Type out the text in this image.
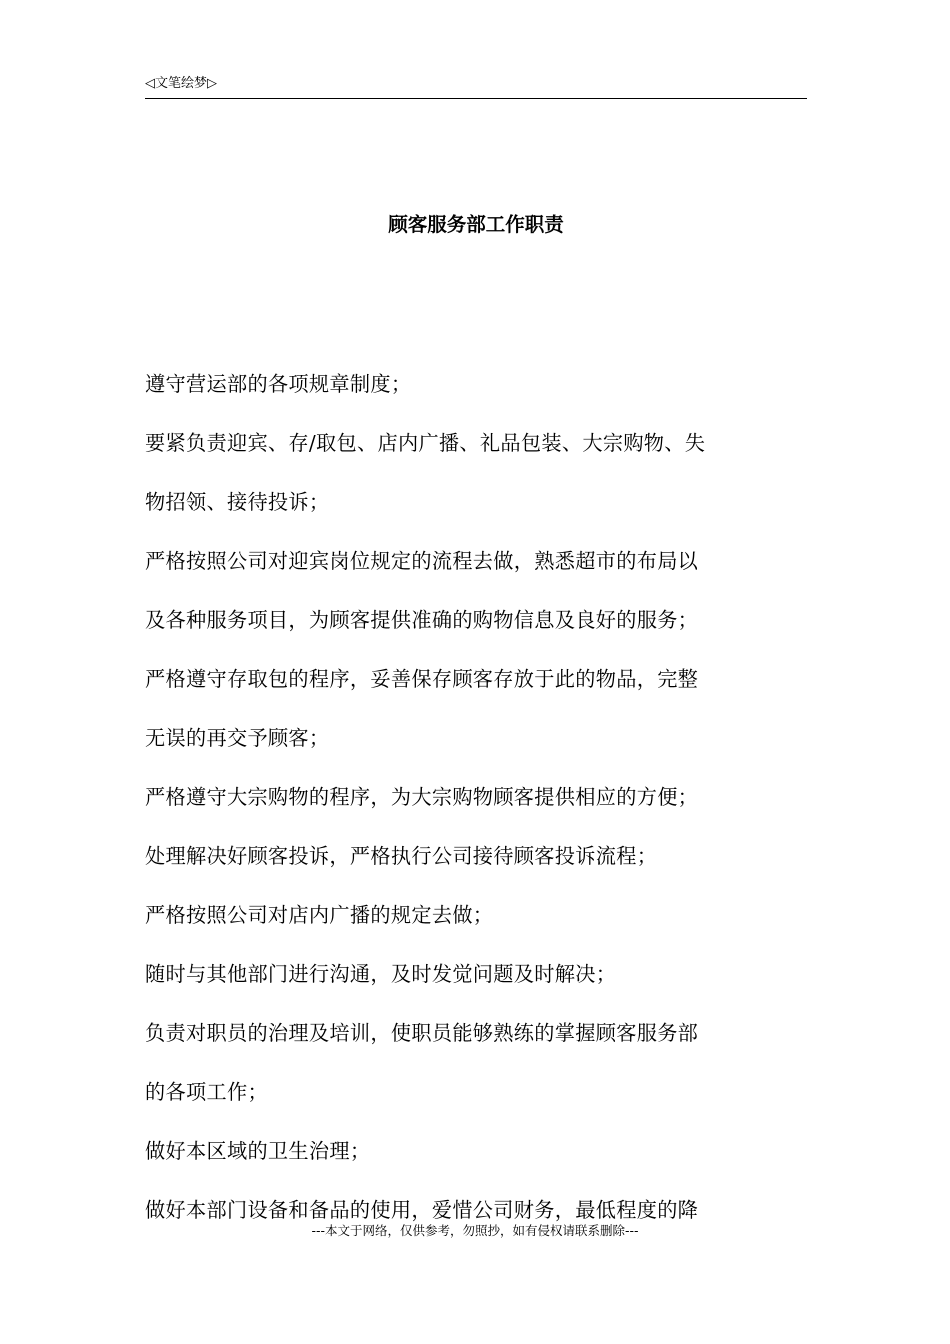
◁文笔绘梦▷
顾客服务部工作职责
遵守营运部的各项规章制度；
要紧负责迎宾、存/取包、店内广播、礼品包装、大宗购物、失
物招领、接待投诉；
严格按照公司对迎宾岗位规定的流程去做，熟悉超市的布局以
及各种服务项目，为顾客提供准确的购物信息及良好的服务；
严格遵守存取包的程序，妥善保存顾客存放于此的物品，完整
无误的再交予顾客；
严格遵守大宗购物的程序，为大宗购物顾客提供相应的方便；
处理解决好顾客投诉，严格执行公司接待顾客投诉流程；
严格按照公司对店内广播的规定去做；
随时与其他部门进行沟通，及时发觉问题及时解决；
负责对职员的治理及培训，使职员能够熟练的掌握顾客服务部
的各项工作；
做好本区域的卫生治理；
做好本部门设备和备品的使用，爱惜公司财务，最低程度的降
---本文于网络，仅供参考，勿照抄，如有侵权请联系删除---
